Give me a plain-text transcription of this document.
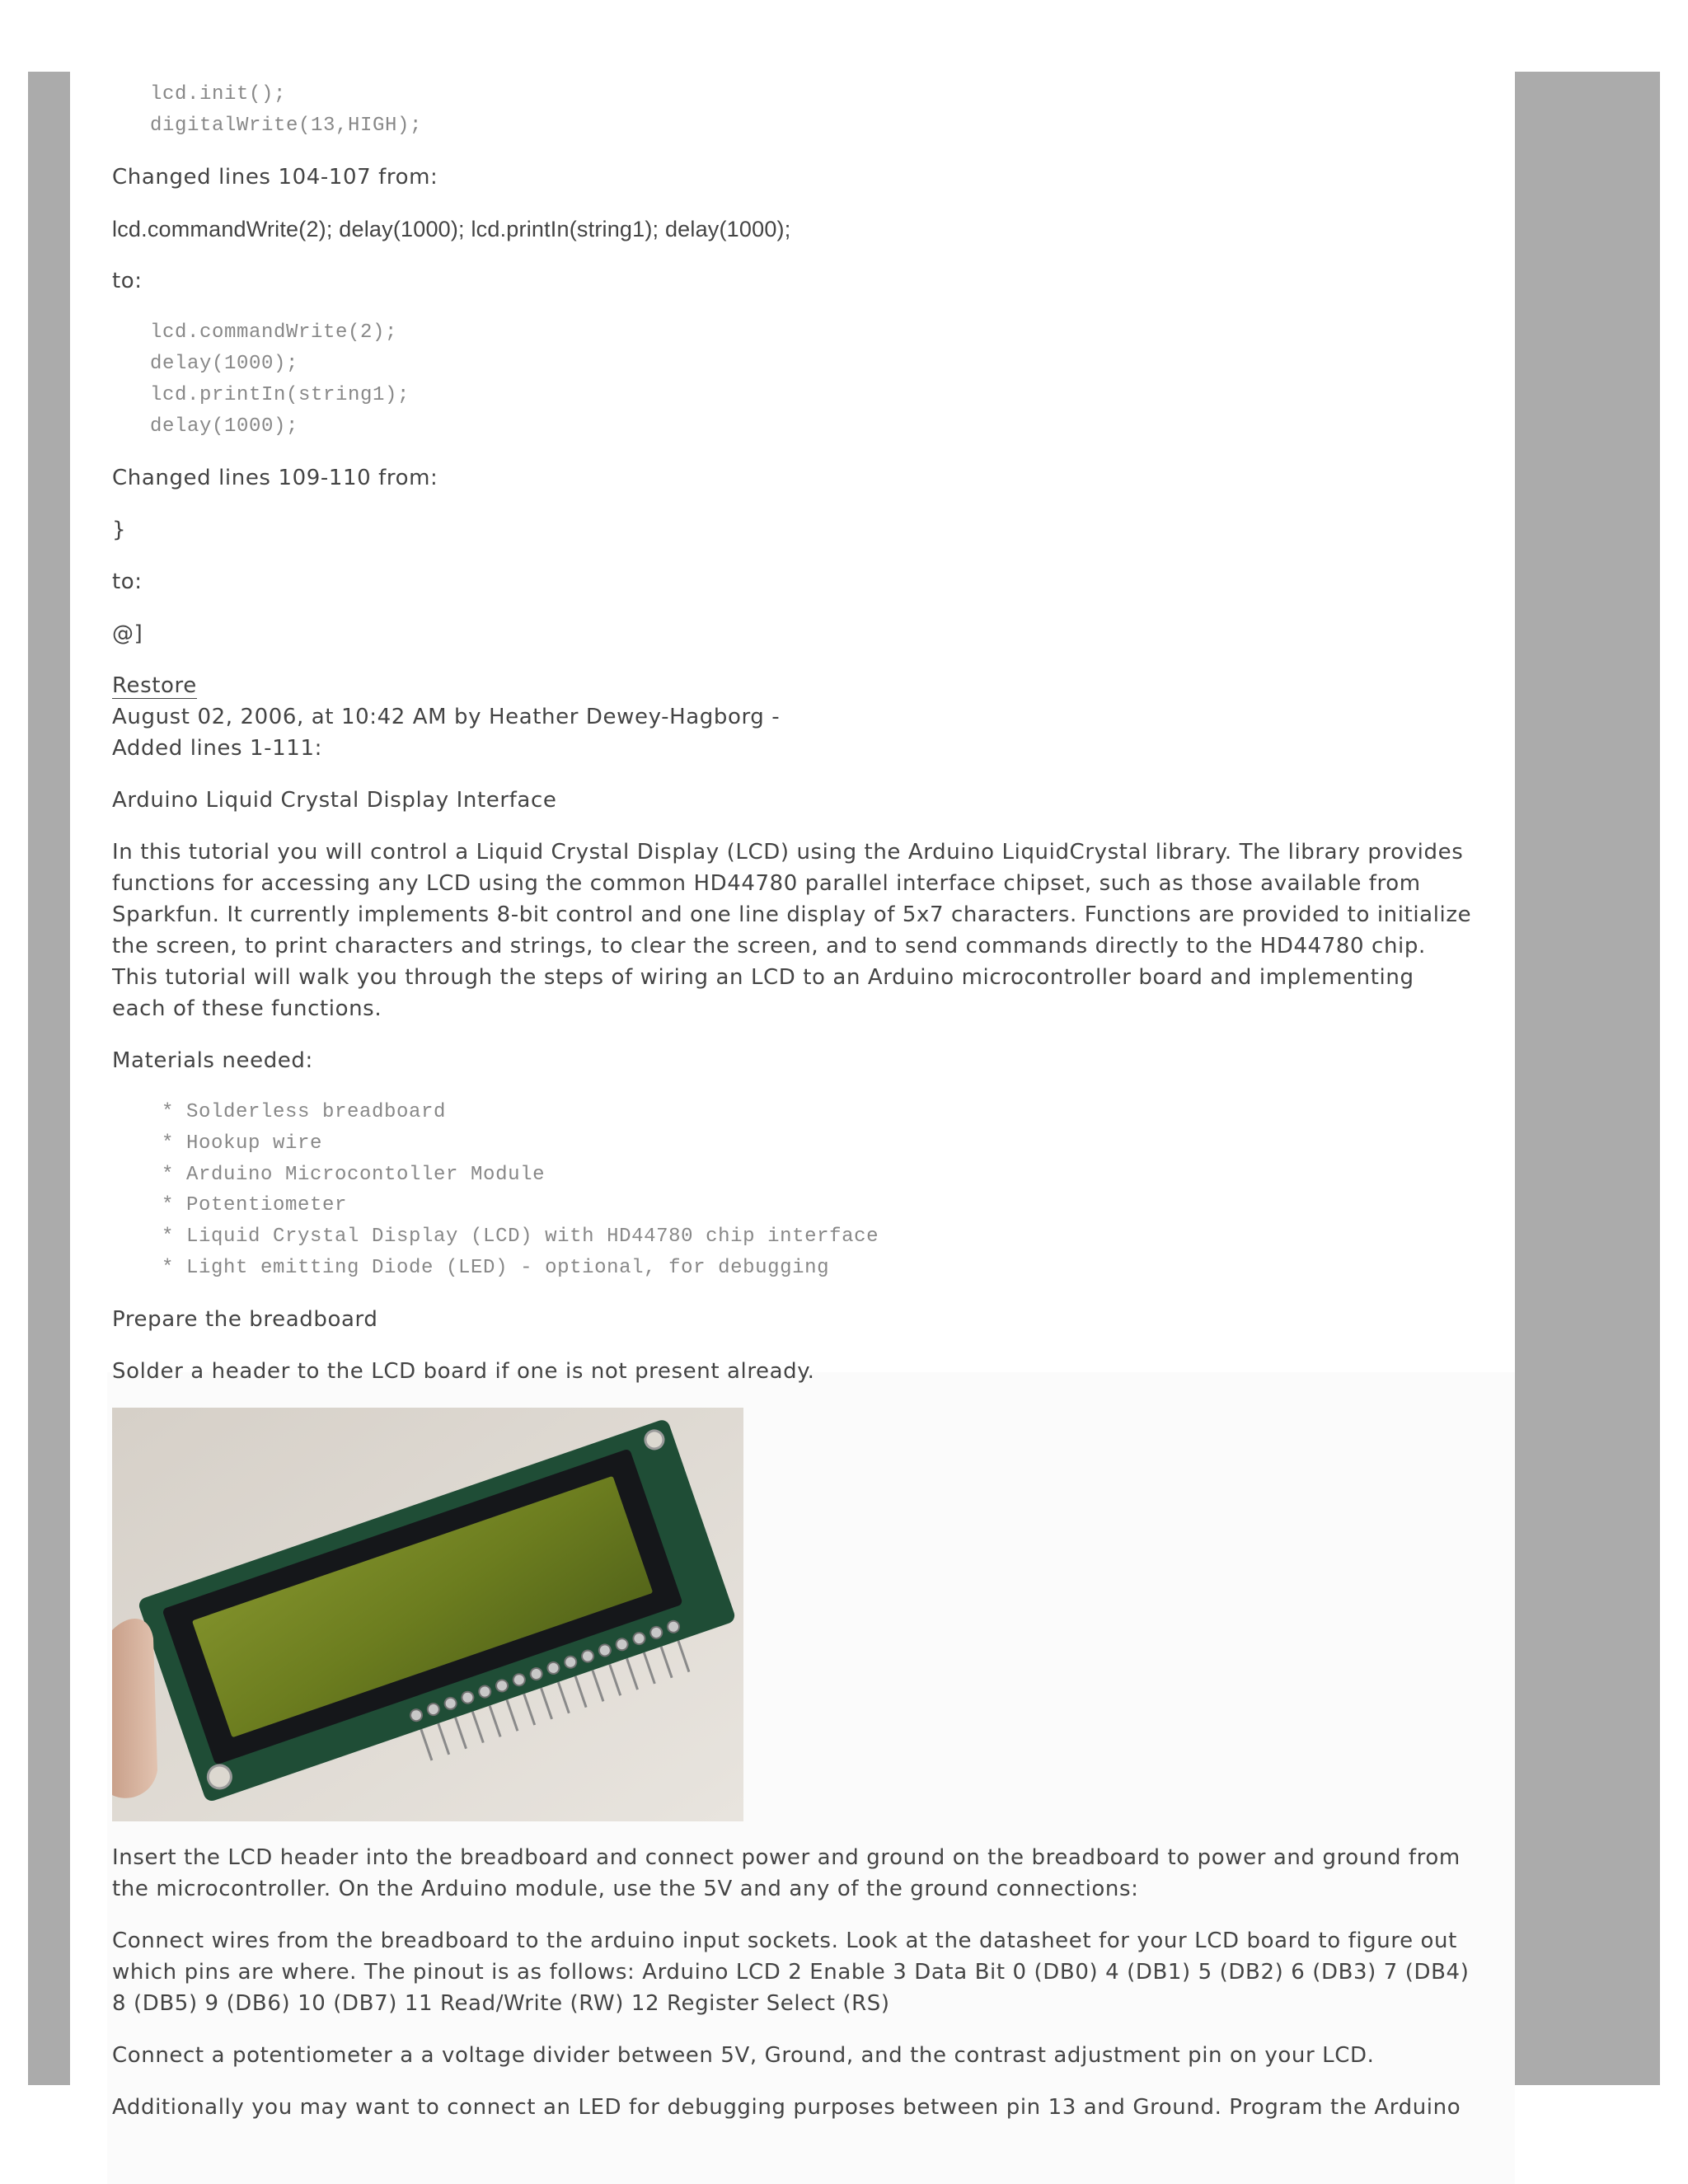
lcd.init();
digitalWrite(13,HIGH);

Changed lines 104-107 from:

lcd.commandWrite(2); delay(1000); lcd.printIn(string1); delay(1000);

to:

lcd.commandWrite(2);
delay(1000);
lcd.printIn(string1);
delay(1000);

Changed lines 109-110 from:

}

to:

@]

Restore

August 02, 2006, at 10:42 AM by Heather Dewey-Hagborg -

Added lines 1-111:

Arduino Liquid Crystal Display Interface

In this tutorial you will control a Liquid Crystal Display (LCD) using the Arduino LiquidCrystal library. The library provides functions for accessing any LCD using the common HD44780 parallel interface chipset, such as those available from Sparkfun. It currently implements 8-bit control and one line display of 5x7 characters. Functions are provided to initialize the screen, to print characters and strings, to clear the screen, and to send commands directly to the HD44780 chip. This tutorial will walk you through the steps of wiring an LCD to an Arduino microcontroller board and implementing each of these functions.

Materials needed:

* Solderless breadboard
* Hookup wire
* Arduino Microcontoller Module
* Potentiometer
* Liquid Crystal Display (LCD) with HD44780 chip interface
* Light emitting Diode (LED) - optional, for debugging

Prepare the breadboard

Solder a header to the LCD board if one is not present already.

Insert the LCD header into the breadboard and connect power and ground on the breadboard to power and ground from the microcontroller. On the Arduino module, use the 5V and any of the ground connections:

Connect wires from the breadboard to the arduino input sockets. Look at the datasheet for your LCD board to figure out which pins are where. The pinout is as follows: Arduino LCD 2 Enable 3 Data Bit 0 (DB0) 4 (DB1) 5 (DB2) 6 (DB3) 7 (DB4) 8 (DB5) 9 (DB6) 10 (DB7) 11 Read/Write (RW) 12 Register Select (RS)

Connect a potentiometer a a voltage divider between 5V, Ground, and the contrast adjustment pin on your LCD.

Additionally you may want to connect an LED for debugging purposes between pin 13 and Ground. Program the Arduino
